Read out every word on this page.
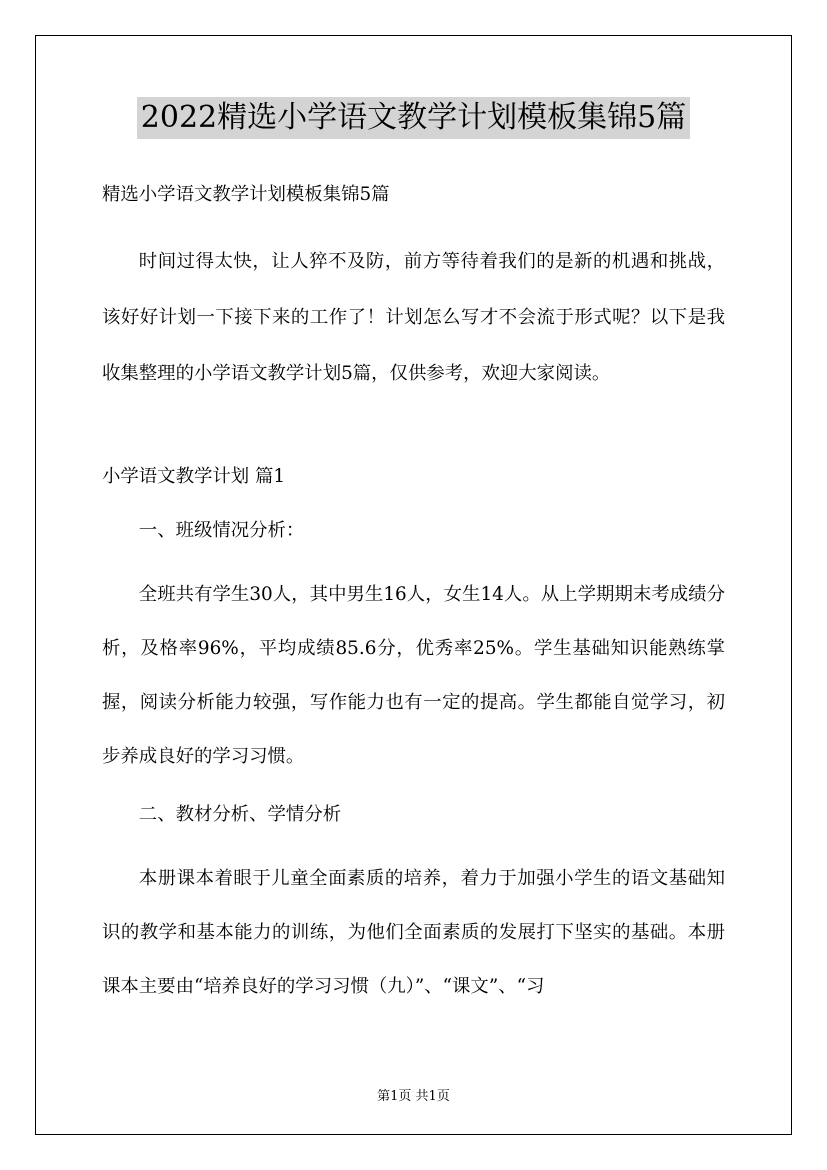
2022精选小学语文教学计划模板集锦5篇

精选小学语文教学计划模板集锦5篇

时间过得太快，让人猝不及防，前方等待着我们的是新的机遇和挑战，该好好计划一下接下来的工作了！计划怎么写才不会流于形式呢？以下是我收集整理的小学语文教学计划5篇，仅供参考，欢迎大家阅读。

小学语文教学计划 篇1

一、班级情况分析：

全班共有学生30人，其中男生16人，女生14人。从上学期期末考成绩分析，及格率96%，平均成绩85.6分，优秀率25%。学生基础知识能熟练掌握，阅读分析能力较强，写作能力也有一定的提高。学生都能自觉学习，初步养成良好的学习习惯。

二、教材分析、学情分析

本册课本着眼于儿童全面素质的培养，着力于加强小学生的语文基础知识的教学和基本能力的训练，为他们全面素质的发展打下坚实的基础。本册课本主要由“培养良好的学习习惯（九）”、“课文”、“习

第1页 共1页
